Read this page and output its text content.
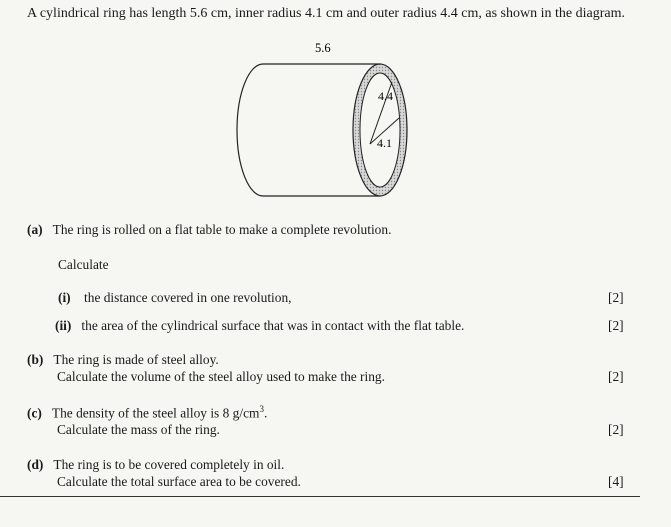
A cylindrical ring has length 5.6 cm, inner radius 4.1 cm and outer radius 4.4 cm, as shown in the diagram.
5.6
4.4
4.1
(a) The ring is rolled on a flat table to make a complete revolution.
Calculate
(i) the distance covered in one revolution,	[2]
(ii) the area of the cylindrical surface that was in contact with the flat table.	[2]
(b) The ring is made of steel alloy.
Calculate the volume of the steel alloy used to make the ring.	[2]
(c) The density of the steel alloy is 8 $g/cm^3$.
Calculate the mass of the ring.	[2]
(d) The ring is to be covered completely in oil.
Calculate the total surface area to be covered.	[4]
